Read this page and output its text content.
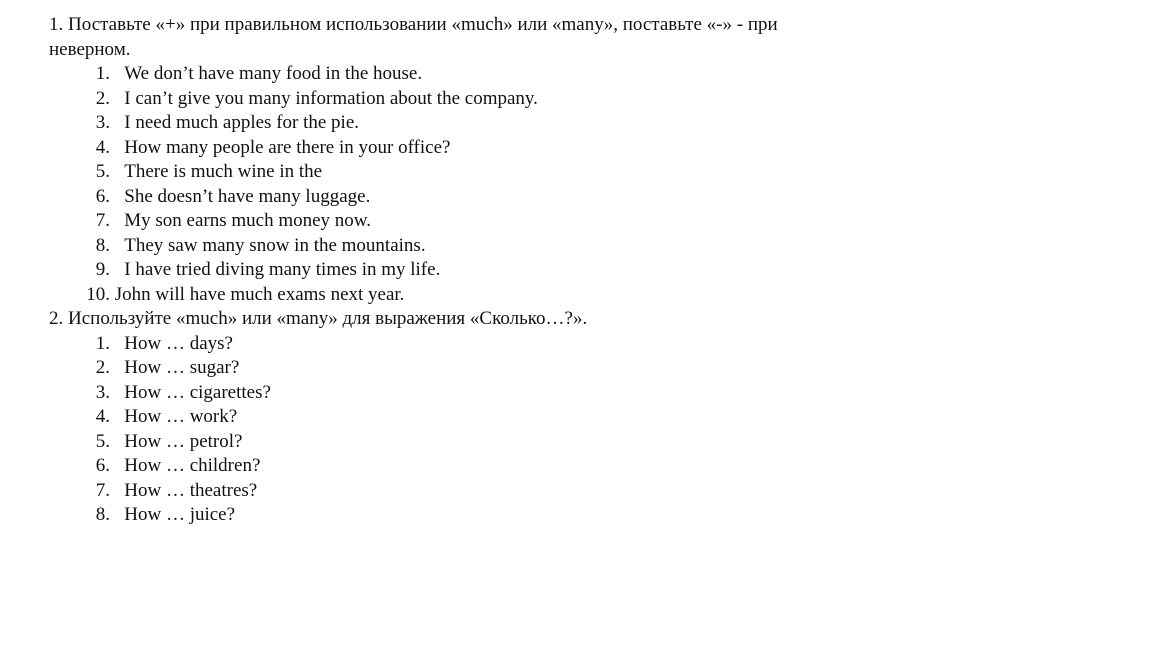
1. Поставьте «+» при правильном использовании «much» или «many», поставьте «-» - при неверном.

1. We don’t have many food in the house.
2. I can’t give you many information about the company.
3. I need much apples for the pie.
4. How many people are there in your office?
5. There is much wine in the
6. She doesn’t have many luggage.
7. My son earns much money now.
8. They saw many snow in the mountains.
9. I have tried diving many times in my life.
10. John will have much exams next year.

2. Используйте «much» или «many» для выражения «Сколько…?».

1. How … days?
2. How … sugar?
3. How … cigarettes?
4. How … work?
5. How … petrol?
6. How … children?
7. How … theatres?
8. How … juice?
